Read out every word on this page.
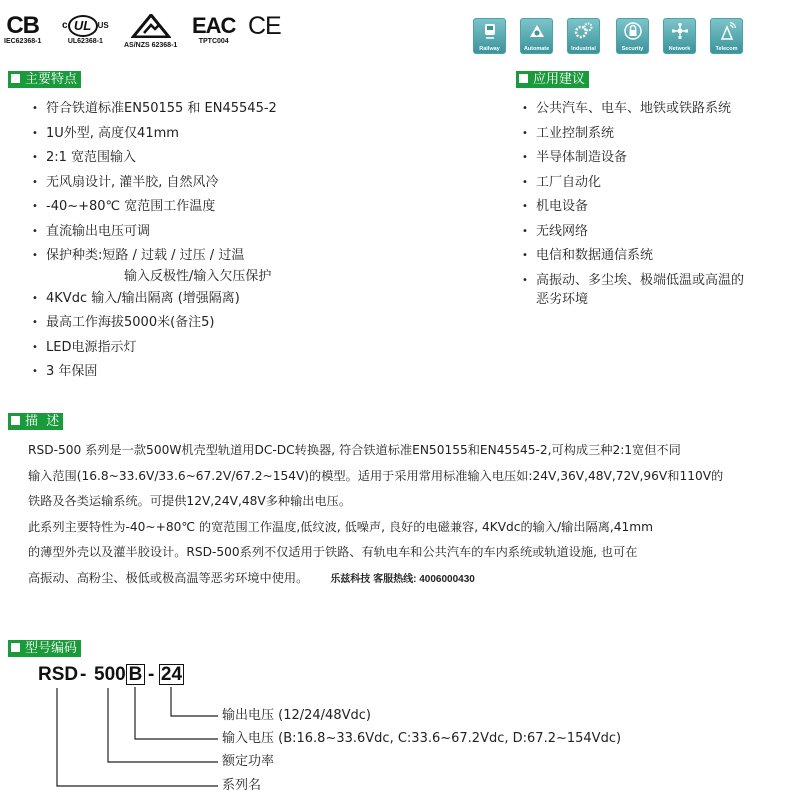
CB
IEC62368-1
c UL US
UL62368-1
AS/NZS 62368-1
EAC
TPTC004
CE
Railway	Automate	Industrial	Security	Network	Telecom
主要特点
• 符合铁道标准EN50155 和 EN45545-2
• 1U外型, 高度仅41mm
• 2:1 宽范围输入
• 无风扇设计, 灌半胶, 自然风冷
• -40~+80℃ 宽范围工作温度
• 直流输出电压可调
• 保护种类:短路 / 过载 / 过压 / 过温
输入反极性/输入欠压保护
• 4KVdc 输入/输出隔离 (增强隔离)
• 最高工作海拔5000米(备注5)
• LED电源指示灯
• 3 年保固
应用建议
• 公共汽车、电车、地铁或铁路系统
• 工业控制系统
• 半导体制造设备
• 工厂自动化
• 机电设备
• 无线网络
• 电信和数据通信系统
• 高振动、多尘埃、极端低温或高温的
恶劣环境
描  述

RSD-500 系列是一款500W机壳型轨道用DC-DC转换器, 符合铁道标准EN50155和EN45545-2,可构成三种2:1宽但不同

输入范围(16.8~33.6V/33.6~67.2V/67.2~154V)的模型。适用于采用常用标准输入电压如:24V,36V,48V,72V,96V和110V的

铁路及各类运输系统。可提供12V,24V,48V多种输出电压。

此系列主要特性为-40~+80℃ 的宽范围工作温度,低纹波, 低噪声, 良好的电磁兼容, 4KVdc的输入/输出隔离,41mm

的薄型外壳以及灌半胶设计。RSD-500系列不仅适用于铁路、有轨电车和公共汽车的车内系统或轨道设施, 也可在

高振动、高粉尘、极低或极高温等恶劣环境中使用。 乐兹科技 客服热线: 4006000430

型号编码
RSD - 500 B - 24
输出电压 (12/24/48Vdc)
输入电压 (B:16.8~33.6Vdc, C:33.6~67.2Vdc, D:67.2~154Vdc)
额定功率
系列名
